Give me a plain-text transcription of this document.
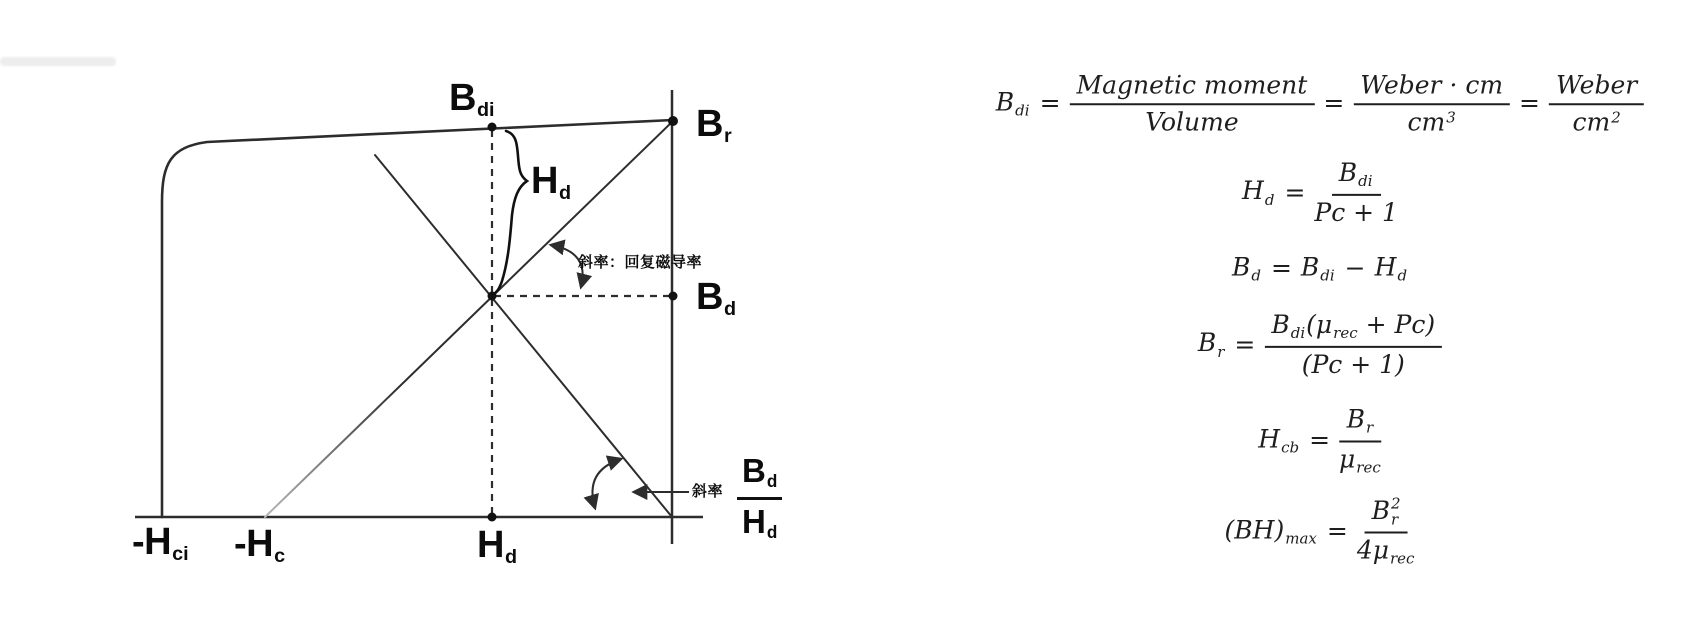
$B_{di}$	$B_r$
$B_d$
$H_d$
$H_d$
$-H_{ci}$ $-H_c$
斜率：回复磁导率
斜率 $\frac{B_d}{H_d}$
$B_{di} = \frac{\text{Magnetic moment}}{\text{Volume}} = \frac{\text{Weber · cm}}{cm^3} = \frac{\text{Weber}}{cm^2}$
$H_d = \frac{B_{di}}{Pc + 1}$
$B_d = B_{di} - H_d$
$B_r = \frac{B_{di}(\mu_{rec} + Pc)}{(Pc + 1)}$
$H_{cb} = \frac{B_r}{\mu_{rec}}$
$(BH)_{max} = B$ 2
r
$4\mu_{rec}$
